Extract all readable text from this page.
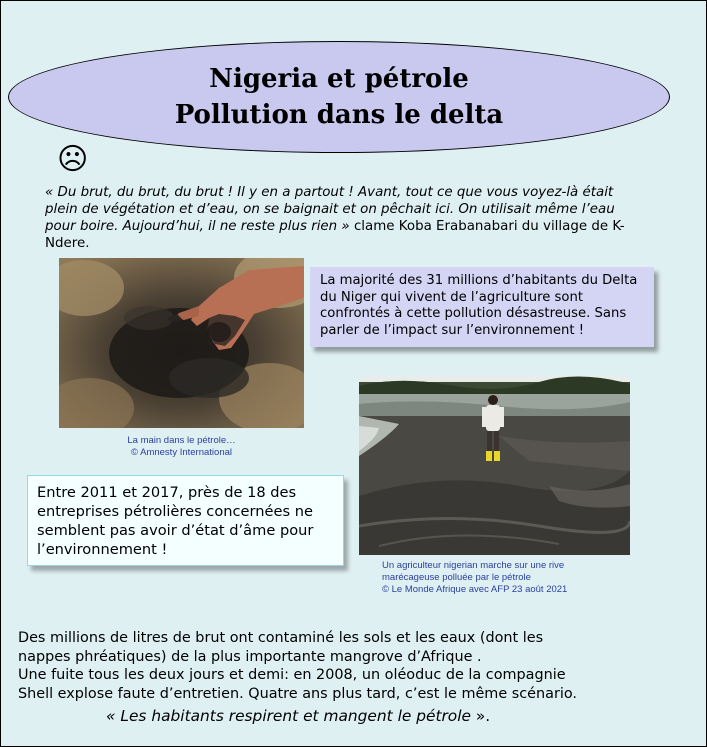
Nigeria et pétrole
Pollution dans le delta
☹
« Du brut, du brut, du brut ! Il y en a partout ! Avant, tout ce que vous voyez-là était plein de végétation et d’eau, on se baignait et on pêchait ici. On utilisait même l’eau pour boire. Aujourd’hui, il ne reste plus rien » clame Koba Erabanabari du village de K-Ndere.
La main dans le pétrole…
© Amnesty International
La majorité des 31 millions d’habitants du Delta du Niger qui vivent de l’agriculture sont confrontés à cette pollution désastreuse. Sans parler de l’impact sur l’environnement !
Un agriculteur nigerian marche sur une rive
marécageuse polluée par le pétrole
© Le Monde Afrique avec AFP 23 août 2021
Entre 2011 et 2017, près de 18 des entreprises pétrolières concernées ne semblent pas avoir d’état d’âme pour l’environnement !
Des millions de litres de brut ont contaminé les sols et les eaux (dont les
nappes phréatiques) de la plus importante mangrove d’Afrique .
Une fuite tous les deux jours et demi: en 2008, un oléoduc de la compagnie
Shell explose faute d’entretien. Quatre ans plus tard, c’est le même scénario.
« Les habitants respirent et mangent le pétrole ».
